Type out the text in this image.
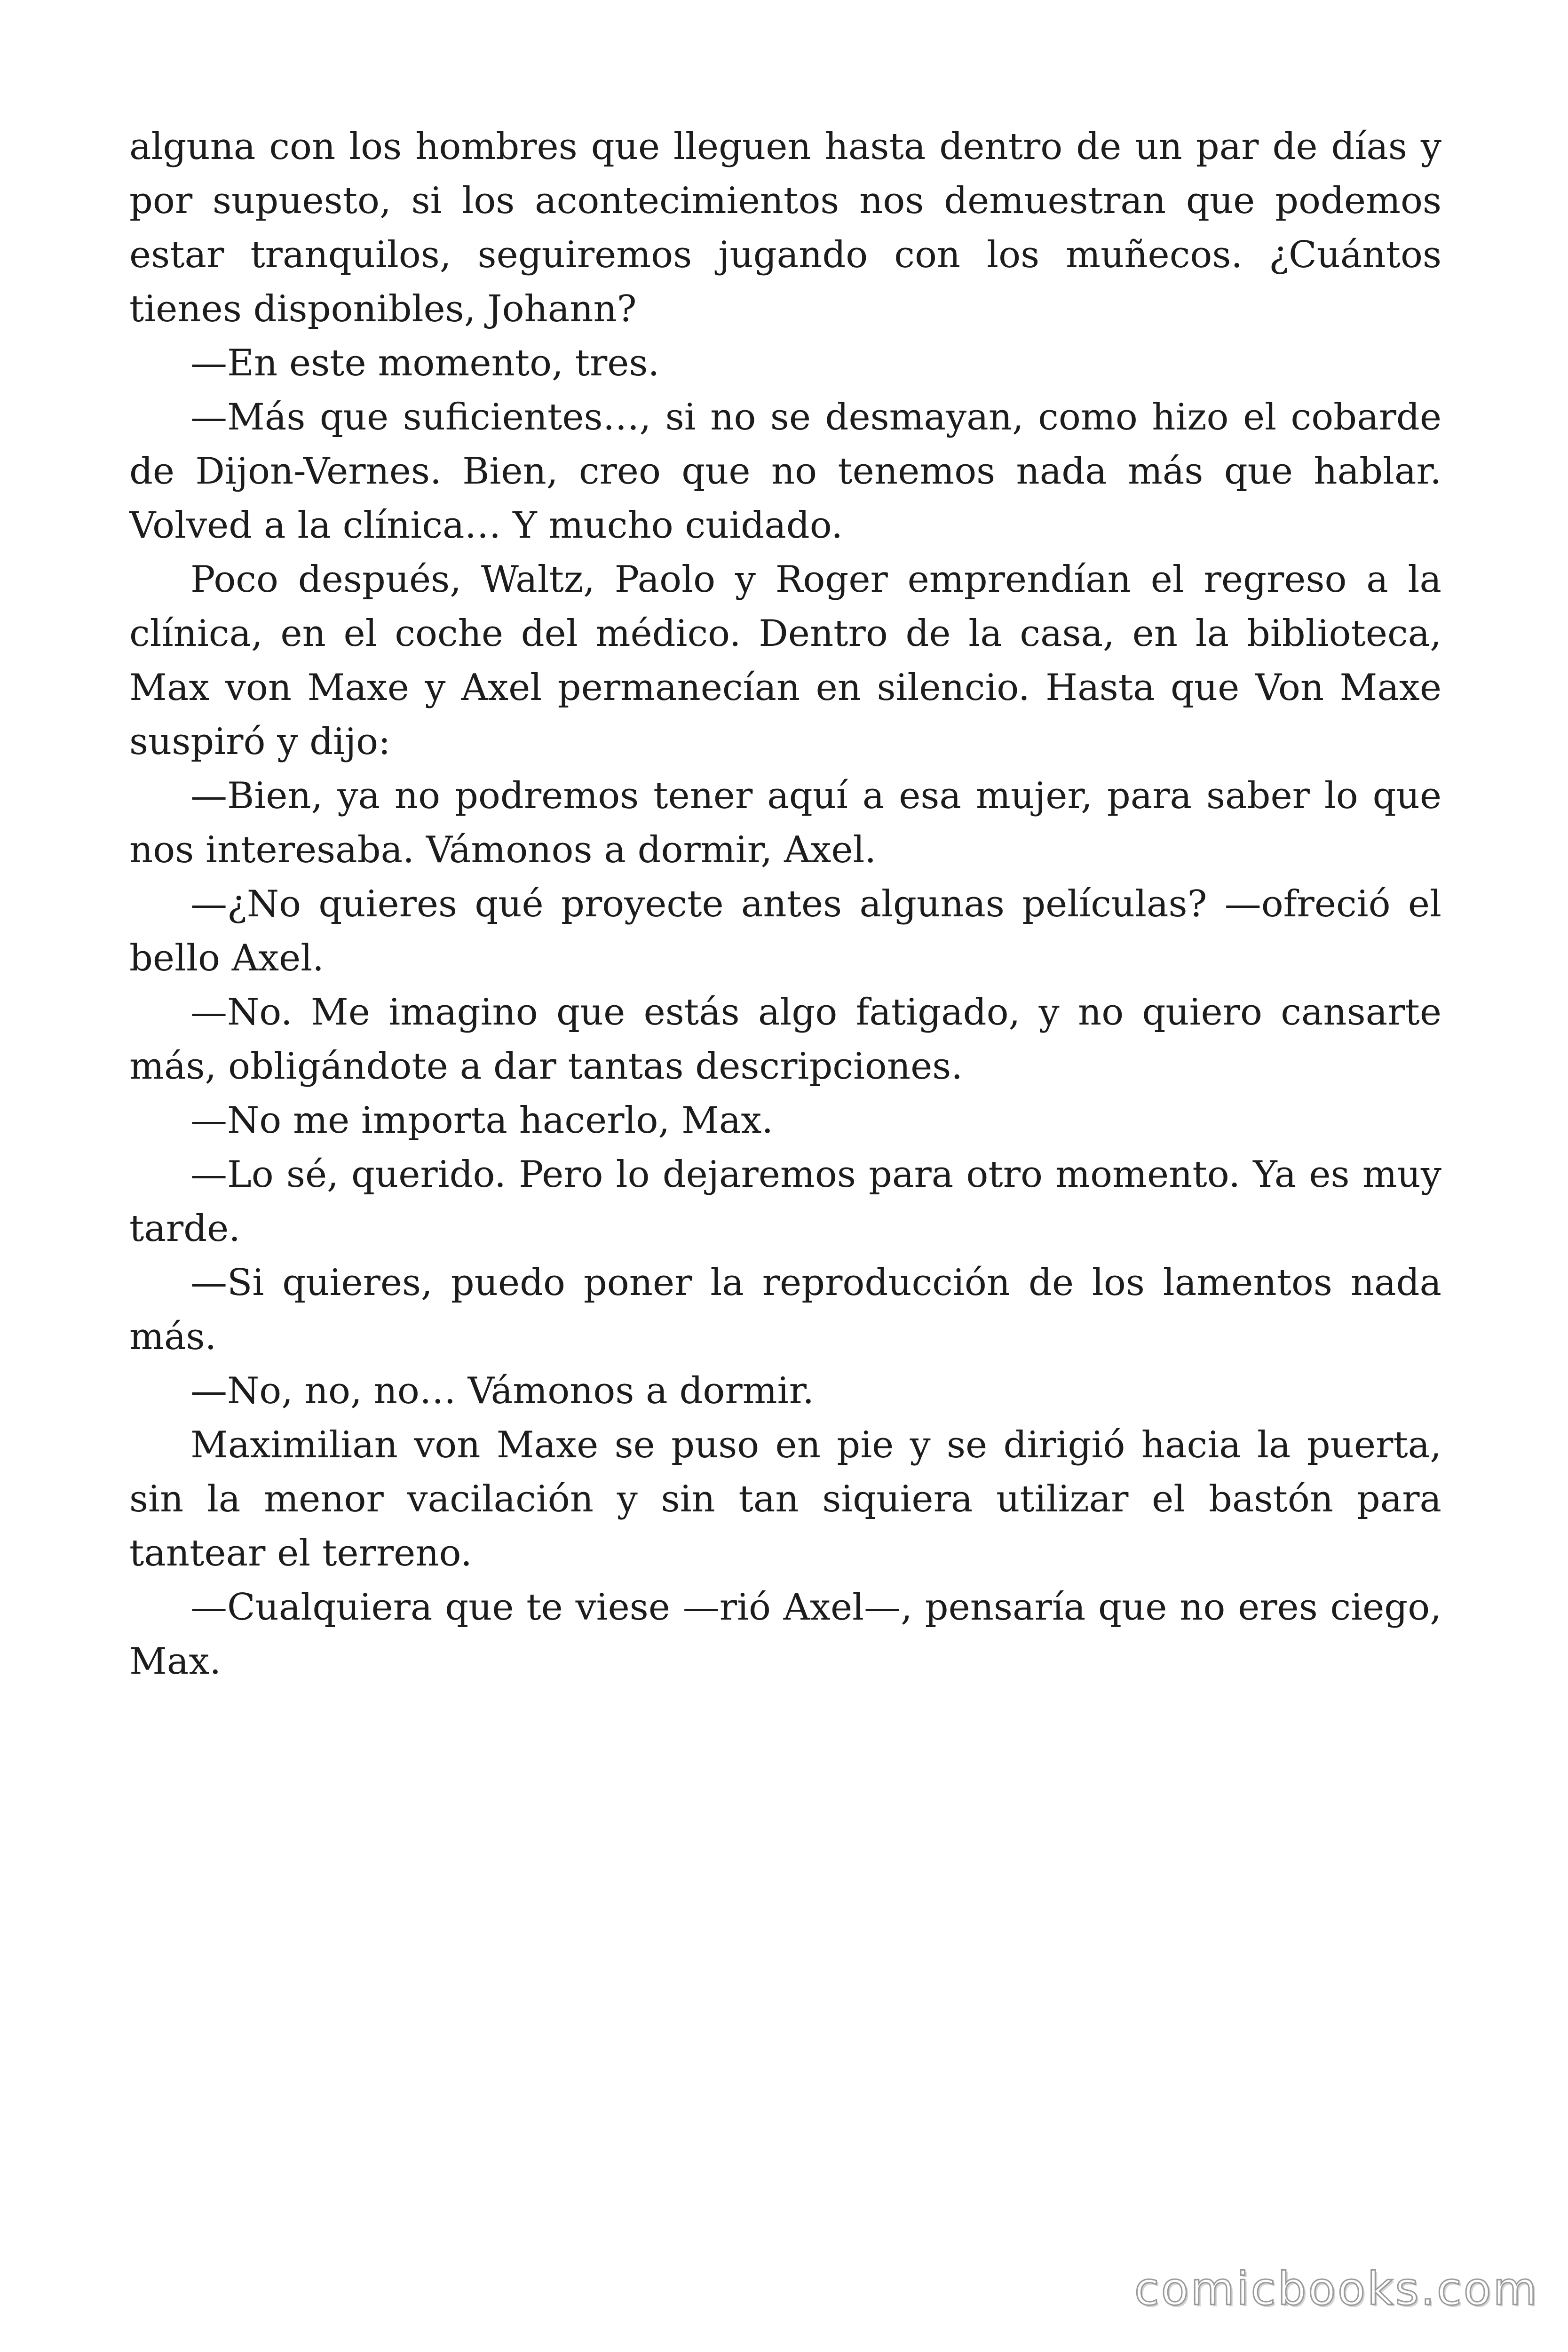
alguna con los hombres que lleguen hasta dentro de un par de días y por supuesto, si los acontecimientos nos demuestran que podemos estar tranquilos, seguiremos jugando con los muñecos. ¿Cuántos tienes disponibles, Johann?

—En este momento, tres.

—Más que suficientes…, si no se desmayan, como hizo el cobarde de Dijon-Vernes. Bien, creo que no tenemos nada más que hablar. Volved a la clínica… Y mucho cuidado.

Poco después, Waltz, Paolo y Roger emprendían el regreso a la clínica, en el coche del médico. Dentro de la casa, en la biblioteca, Max von Maxe y Axel permanecían en silencio. Hasta que Von Maxe suspiró y dijo:

—Bien, ya no podremos tener aquí a esa mujer, para saber lo que nos interesaba. Vámonos a dormir, Axel.

—¿No quieres qué proyecte antes algunas películas? —ofreció el bello Axel.

—No. Me imagino que estás algo fatigado, y no quiero cansarte más, obligándote a dar tantas descripciones.

—No me importa hacerlo, Max.

—Lo sé, querido. Pero lo dejaremos para otro momento. Ya es muy tarde.

—Si quieres, puedo poner la reproducción de los lamentos nada más.

—No, no, no… Vámonos a dormir.

Maximilian von Maxe se puso en pie y se dirigió hacia la puerta, sin la menor vacilación y sin tan siquiera utilizar el bastón para tantear el terreno.

—Cualquiera que te viese —rió Axel—, pensaría que no eres ciego, Max.

comicbooks.com
